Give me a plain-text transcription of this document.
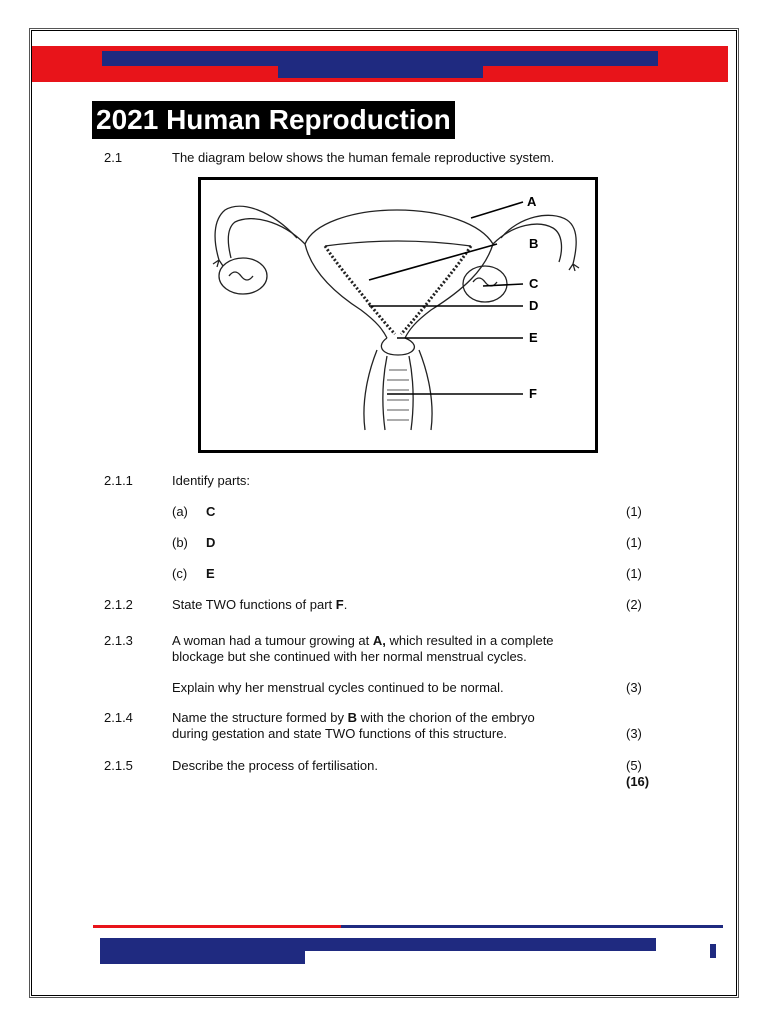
2021 Human Reproduction
2.1	The diagram below shows the human female reproductive system.
A
B
C
D
E
F
2.1.1	Identify parts:
(a) C	(1)
(b) D	(1)
(c) E	(1)
2.1.2	State TWO functions of part F.	(2)
2.1.3	A woman had a tumour growing at A, which resulted in a complete
blockage but she continued with her normal menstrual cycles.
Explain why her menstrual cycles continued to be normal.	(3)
2.1.4	Name the structure formed by B with the chorion of the embryo
during gestation and state TWO functions of this structure.	(3)
2.1.5	Describe the process of fertilisation.	(5)
(16)
